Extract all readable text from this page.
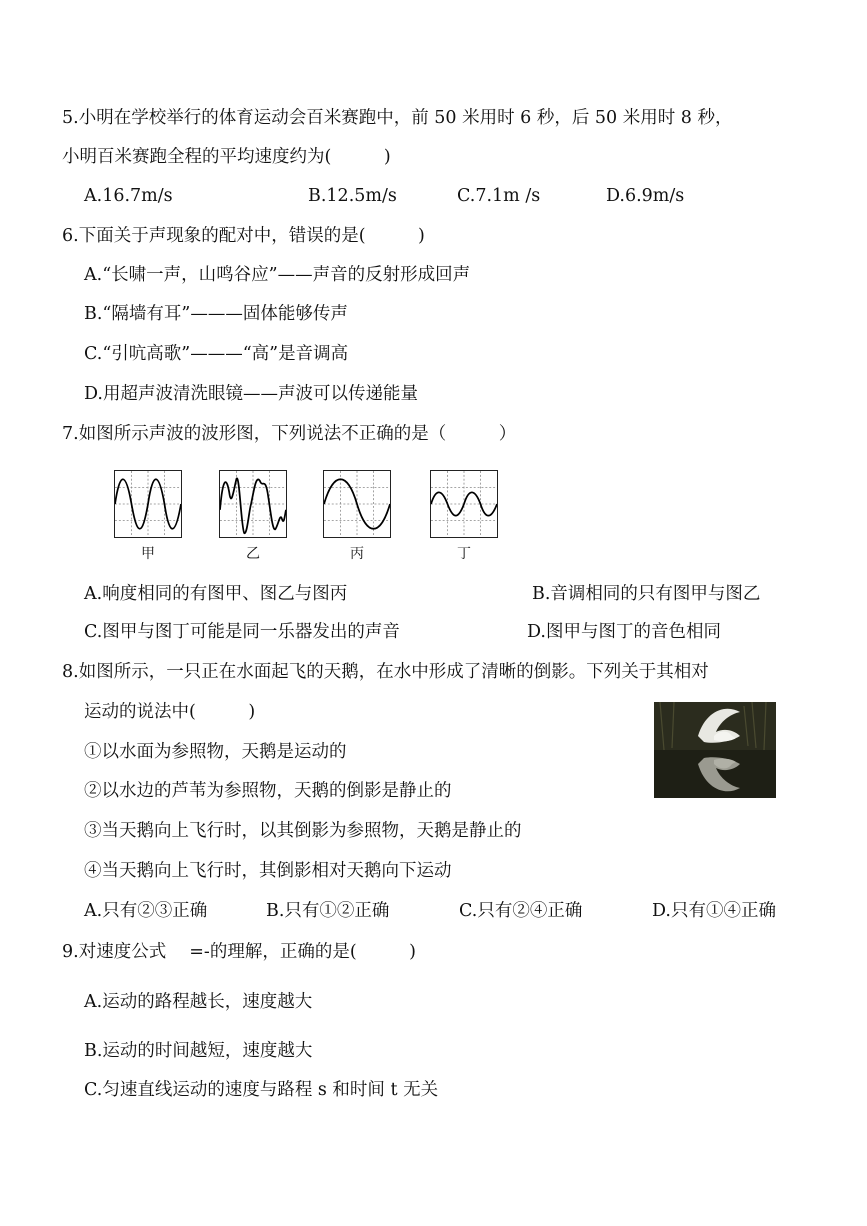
5.小明在学校举行的体育运动会百米赛跑中，前 50 米用时 6 秒，后 50 米用时 8 秒，
小明百米赛跑全程的平均速度约为(　　　)
A.16.7m/s	B.12.5m/s	C.7.1m /s	D.6.9m/s
6.下面关于声现象的配对中，错误的是(　　　)
A.“长啸一声，山鸣谷应”——声音的反射形成回声
B.“隔墙有耳”———固体能够传声
C.“引吭高歌”———“高”是音调高
D.用超声波清洗眼镜——声波可以传递能量
7.如图所示声波的波形图，下列说法不正确的是（　　　）
甲	乙	丙	丁
A.响度相同的有图甲、图乙与图丙	B.音调相同的只有图甲与图乙
C.图甲与图丁可能是同一乐器发出的声音	D.图甲与图丁的音色相同
8.如图所示，一只正在水面起飞的天鹅，在水中形成了清晰的倒影。下列关于其相对
运动的说法中(　　　)
①以水面为参照物，天鹅是运动的
②以水边的芦苇为参照物，天鹅的倒影是静止的
③当天鹅向上飞行时，以其倒影为参照物，天鹅是静止的
④当天鹅向上飞行时，其倒影相对天鹅向下运动
A.只有②③正确	B.只有①②正确	C.只有②④正确	D.只有①④正确
9.对速度公式　 =-的理解，正确的是(　　　)
A.运动的路程越长，速度越大
B.运动的时间越短，速度越大
C.匀速直线运动的速度与路程 s 和时间 t 无关
